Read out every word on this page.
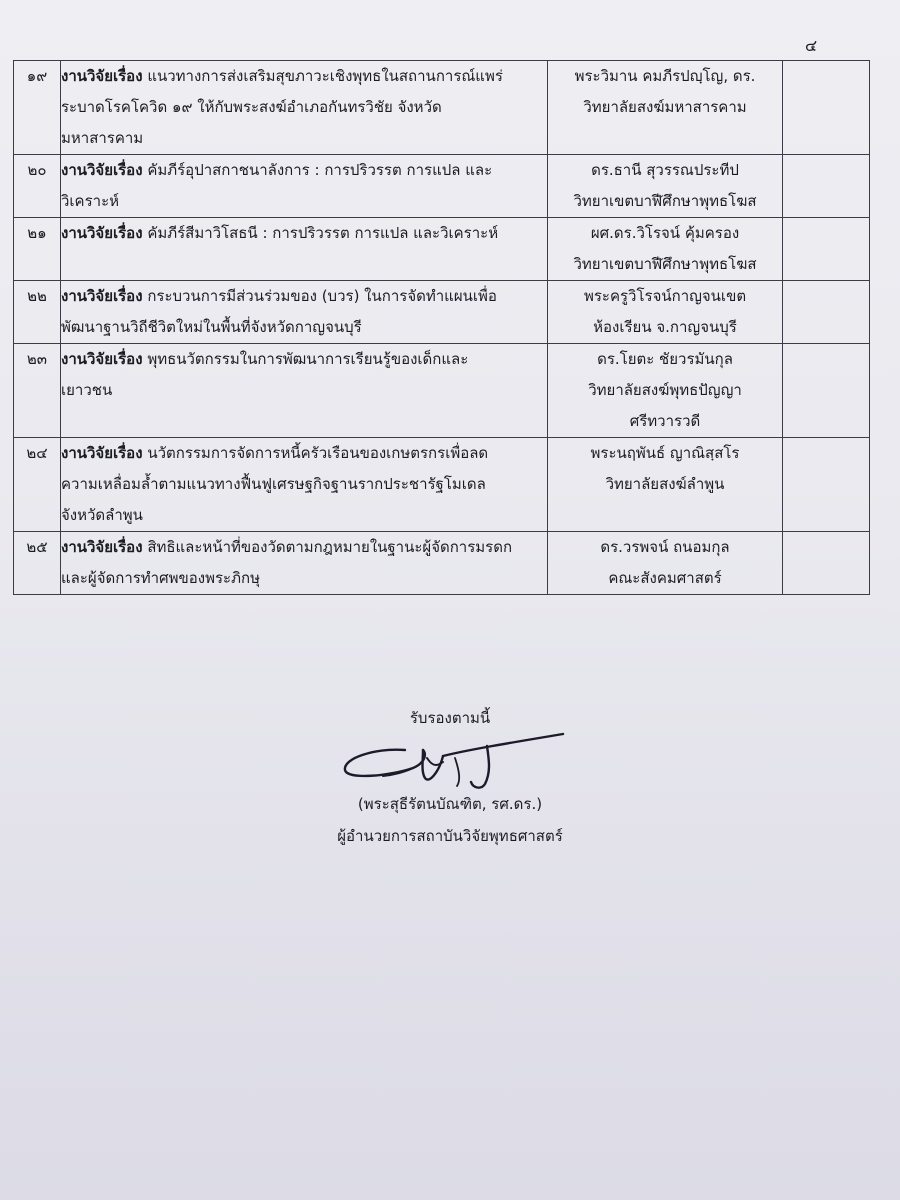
๔
๑๙	งานวิจัยเรื่อง แนวทางการส่งเสริมสุขภาวะเชิงพุทธในสถานการณ์แพร่
ระบาดโรคโควิด ๑๙ ให้กับพระสงฆ์อำเภอกันทรวิชัย จังหวัด
มหาสารคาม	พระวิมาน คมภีรปญฺโญ, ดร.
วิทยาลัยสงฆ์มหาสารคาม	

๒๐	งานวิจัยเรื่อง คัมภีร์อุปาสกาชนาลังการ : การปริวรรต การแปล และ
วิเคราะห์	ดร.ธานี สุวรรณประทีป
วิทยาเขตบาฬีศึกษาพุทธโฆส	

๒๑	งานวิจัยเรื่อง คัมภีร์สีมาวิโสธนี : การปริวรรต การแปล และวิเคราะห์	ผศ.ดร.วิโรจน์ คุ้มครอง
วิทยาเขตบาฬีศึกษาพุทธโฆส	

๒๒	งานวิจัยเรื่อง กระบวนการมีส่วนร่วมของ (บวร) ในการจัดทำแผนเพื่อ
พัฒนาฐานวิถีชีวิตใหม่ในพื้นที่จังหวัดกาญจนบุรี	พระครูวิโรจน์กาญจนเขต
ห้องเรียน จ.กาญจนบุรี	

๒๓	งานวิจัยเรื่อง พุทธนวัตกรรมในการพัฒนาการเรียนรู้ของเด็กและ
เยาวชน	ดร.โยตะ ชัยวรมันกุล
วิทยาลัยสงฆ์พุทธปัญญา
ศรีทวารวดี	

๒๔	งานวิจัยเรื่อง นวัตกรรมการจัดการหนี้ครัวเรือนของเกษตรกรเพื่อลด
ความเหลื่อมล้ำตามแนวทางฟื้นฟูเศรษฐกิจฐานรากประชารัฐโมเดล
จังหวัดลำพูน	พระนฤพันธ์ ญาณิสฺสโร
วิทยาลัยสงฆ์ลำพูน	

๒๕	งานวิจัยเรื่อง สิทธิและหน้าที่ของวัดตามกฎหมายในฐานะผู้จัดการมรดก
และผู้จัดการทำศพของพระภิกษุ	ดร.วรพจน์ ถนอมกุล
คณะสังคมศาสตร์	

รับรองตามนี้
(พระสุธีรัตนบัณฑิต, รศ.ดร.)
ผู้อำนวยการสถาบันวิจัยพุทธศาสตร์
